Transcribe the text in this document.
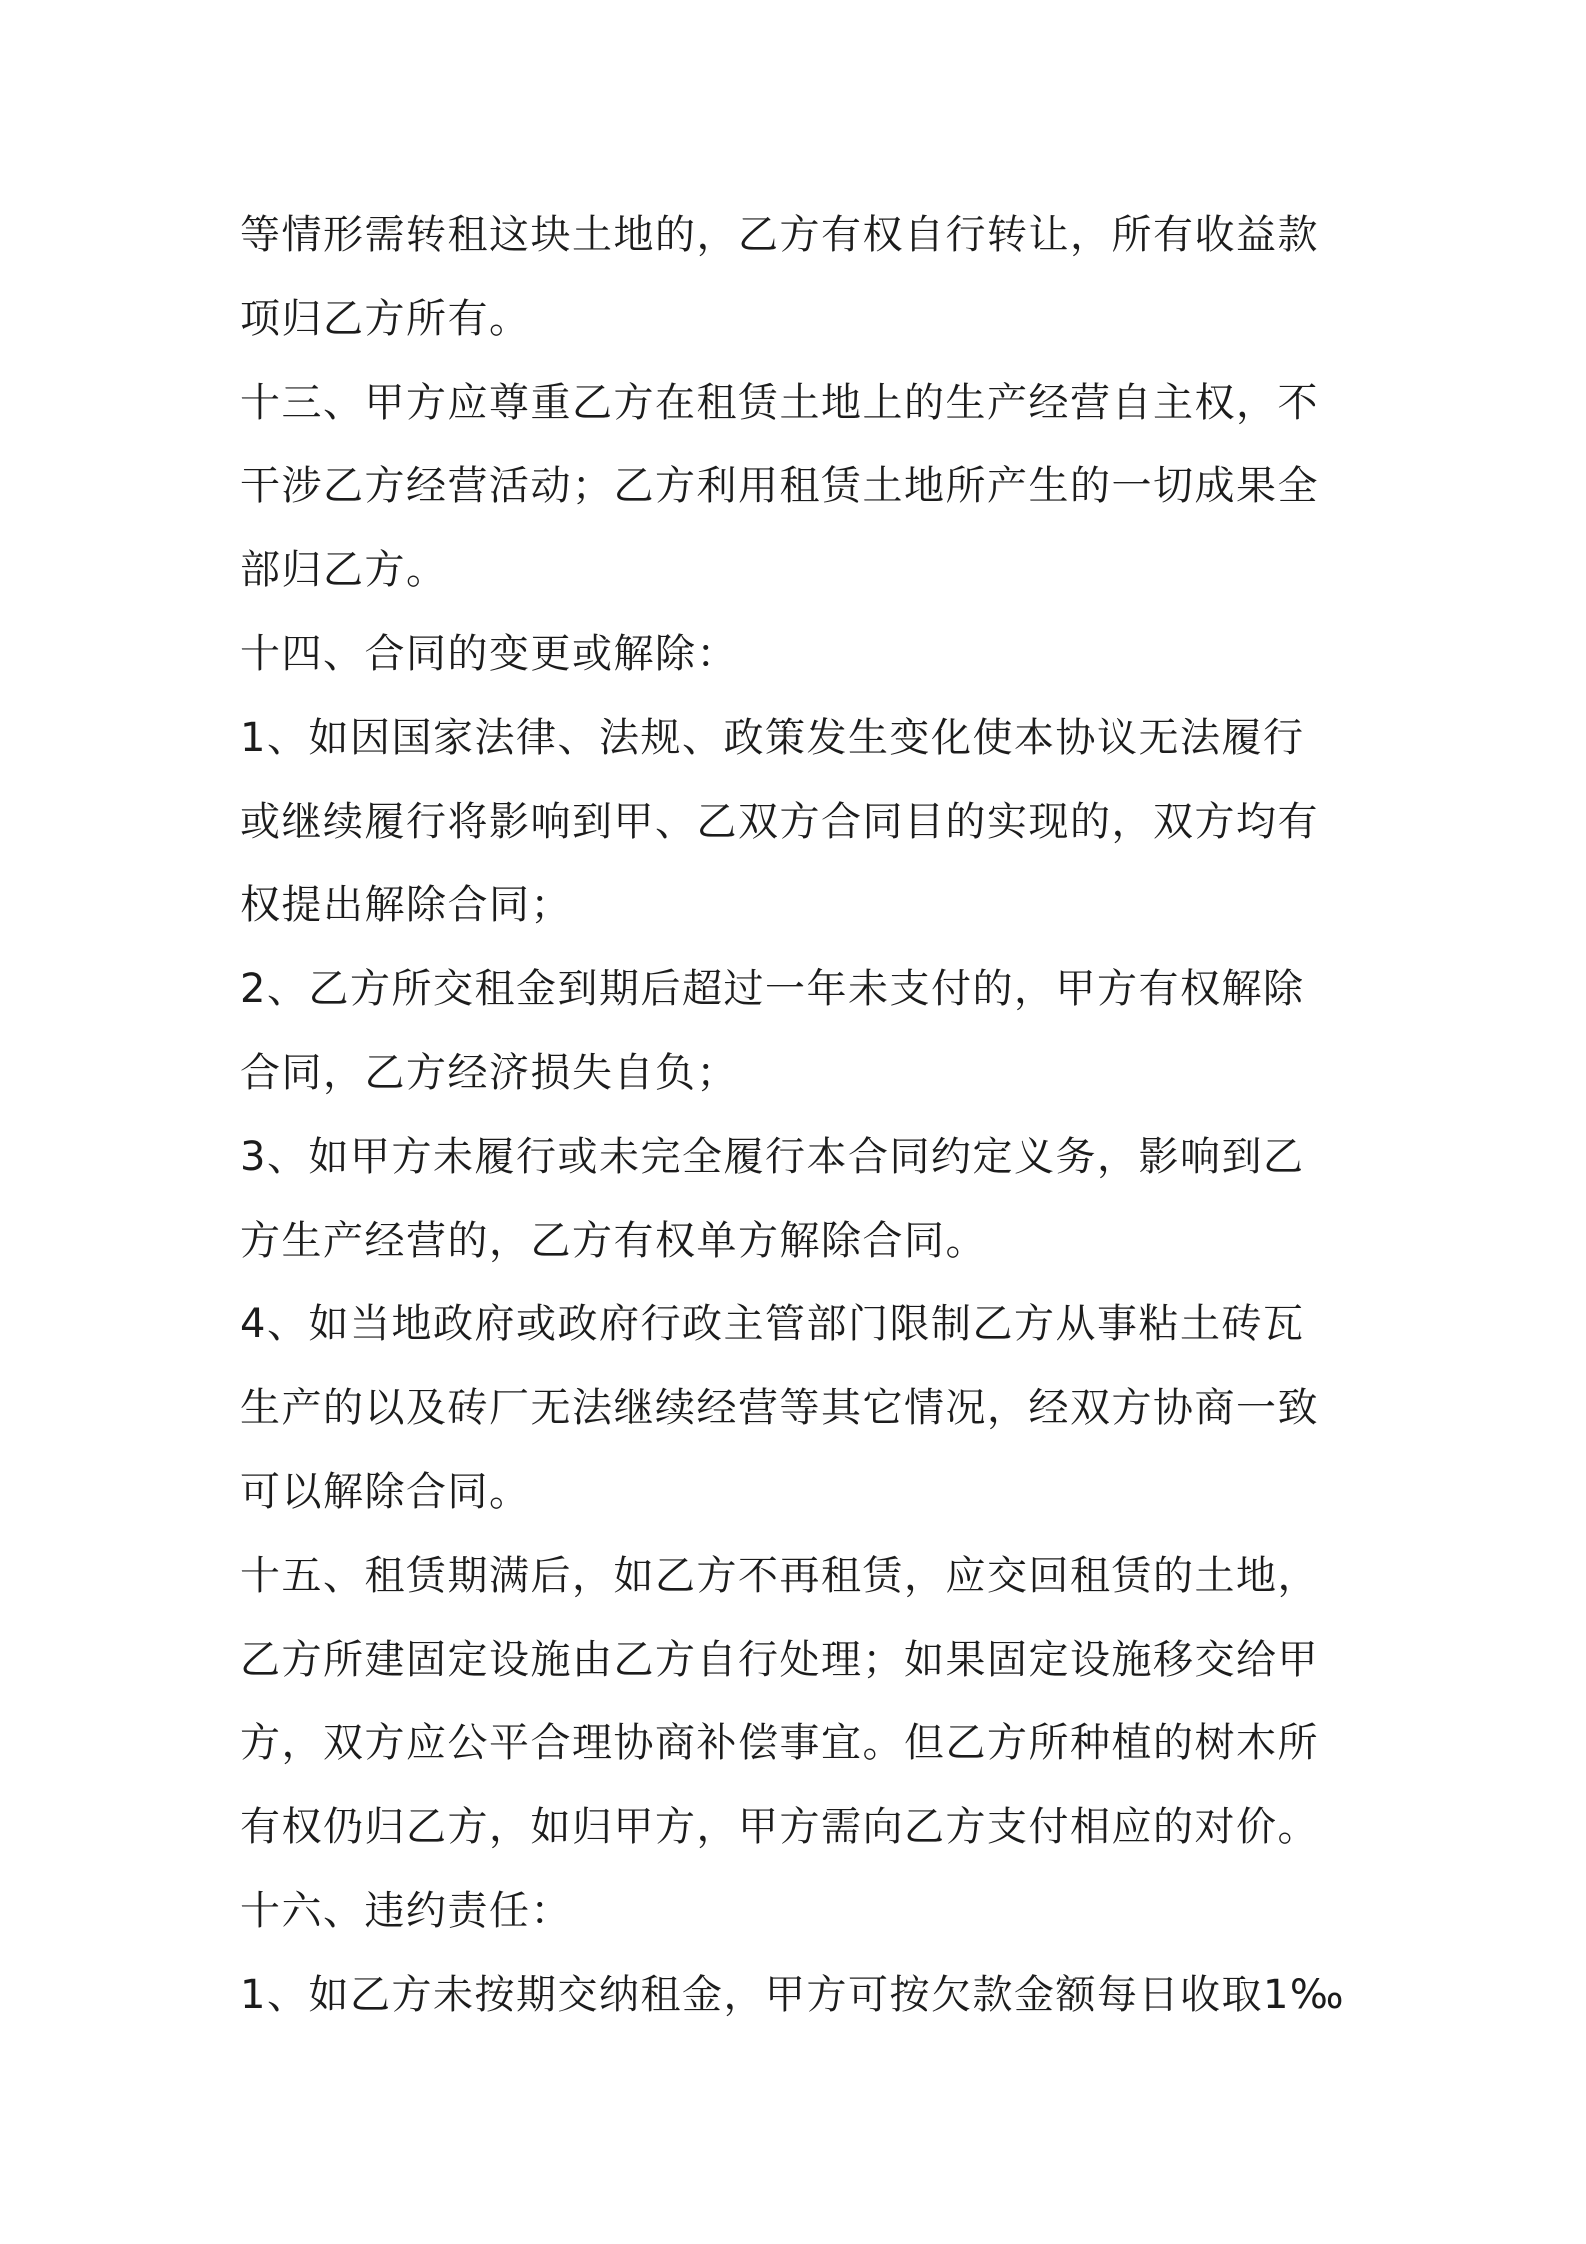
等情形需转租这块土地的，乙方有权自行转让，所有收益款
项归乙方所有。
十三、甲方应尊重乙方在租赁土地上的生产经营自主权，不
干涉乙方经营活动；乙方利用租赁土地所产生的一切成果全
部归乙方。
十四、合同的变更或解除：
1、如因国家法律、法规、政策发生变化使本协议无法履行
或继续履行将影响到甲、乙双方合同目的实现的，双方均有
权提出解除合同；
2、乙方所交租金到期后超过一年未支付的，甲方有权解除
合同，乙方经济损失自负；
3、如甲方未履行或未完全履行本合同约定义务，影响到乙
方生产经营的，乙方有权单方解除合同。
4、如当地政府或政府行政主管部门限制乙方从事粘土砖瓦
生产的以及砖厂无法继续经营等其它情况，经双方协商一致
可以解除合同。
十五、租赁期满后，如乙方不再租赁，应交回租赁的土地，
乙方所建固定设施由乙方自行处理；如果固定设施移交给甲
方，双方应公平合理协商补偿事宜。但乙方所种植的树木所
有权仍归乙方，如归甲方，甲方需向乙方支付相应的对价。
十六、违约责任：
1、如乙方未按期交纳租金，甲方可按欠款金额每日收取1‰
